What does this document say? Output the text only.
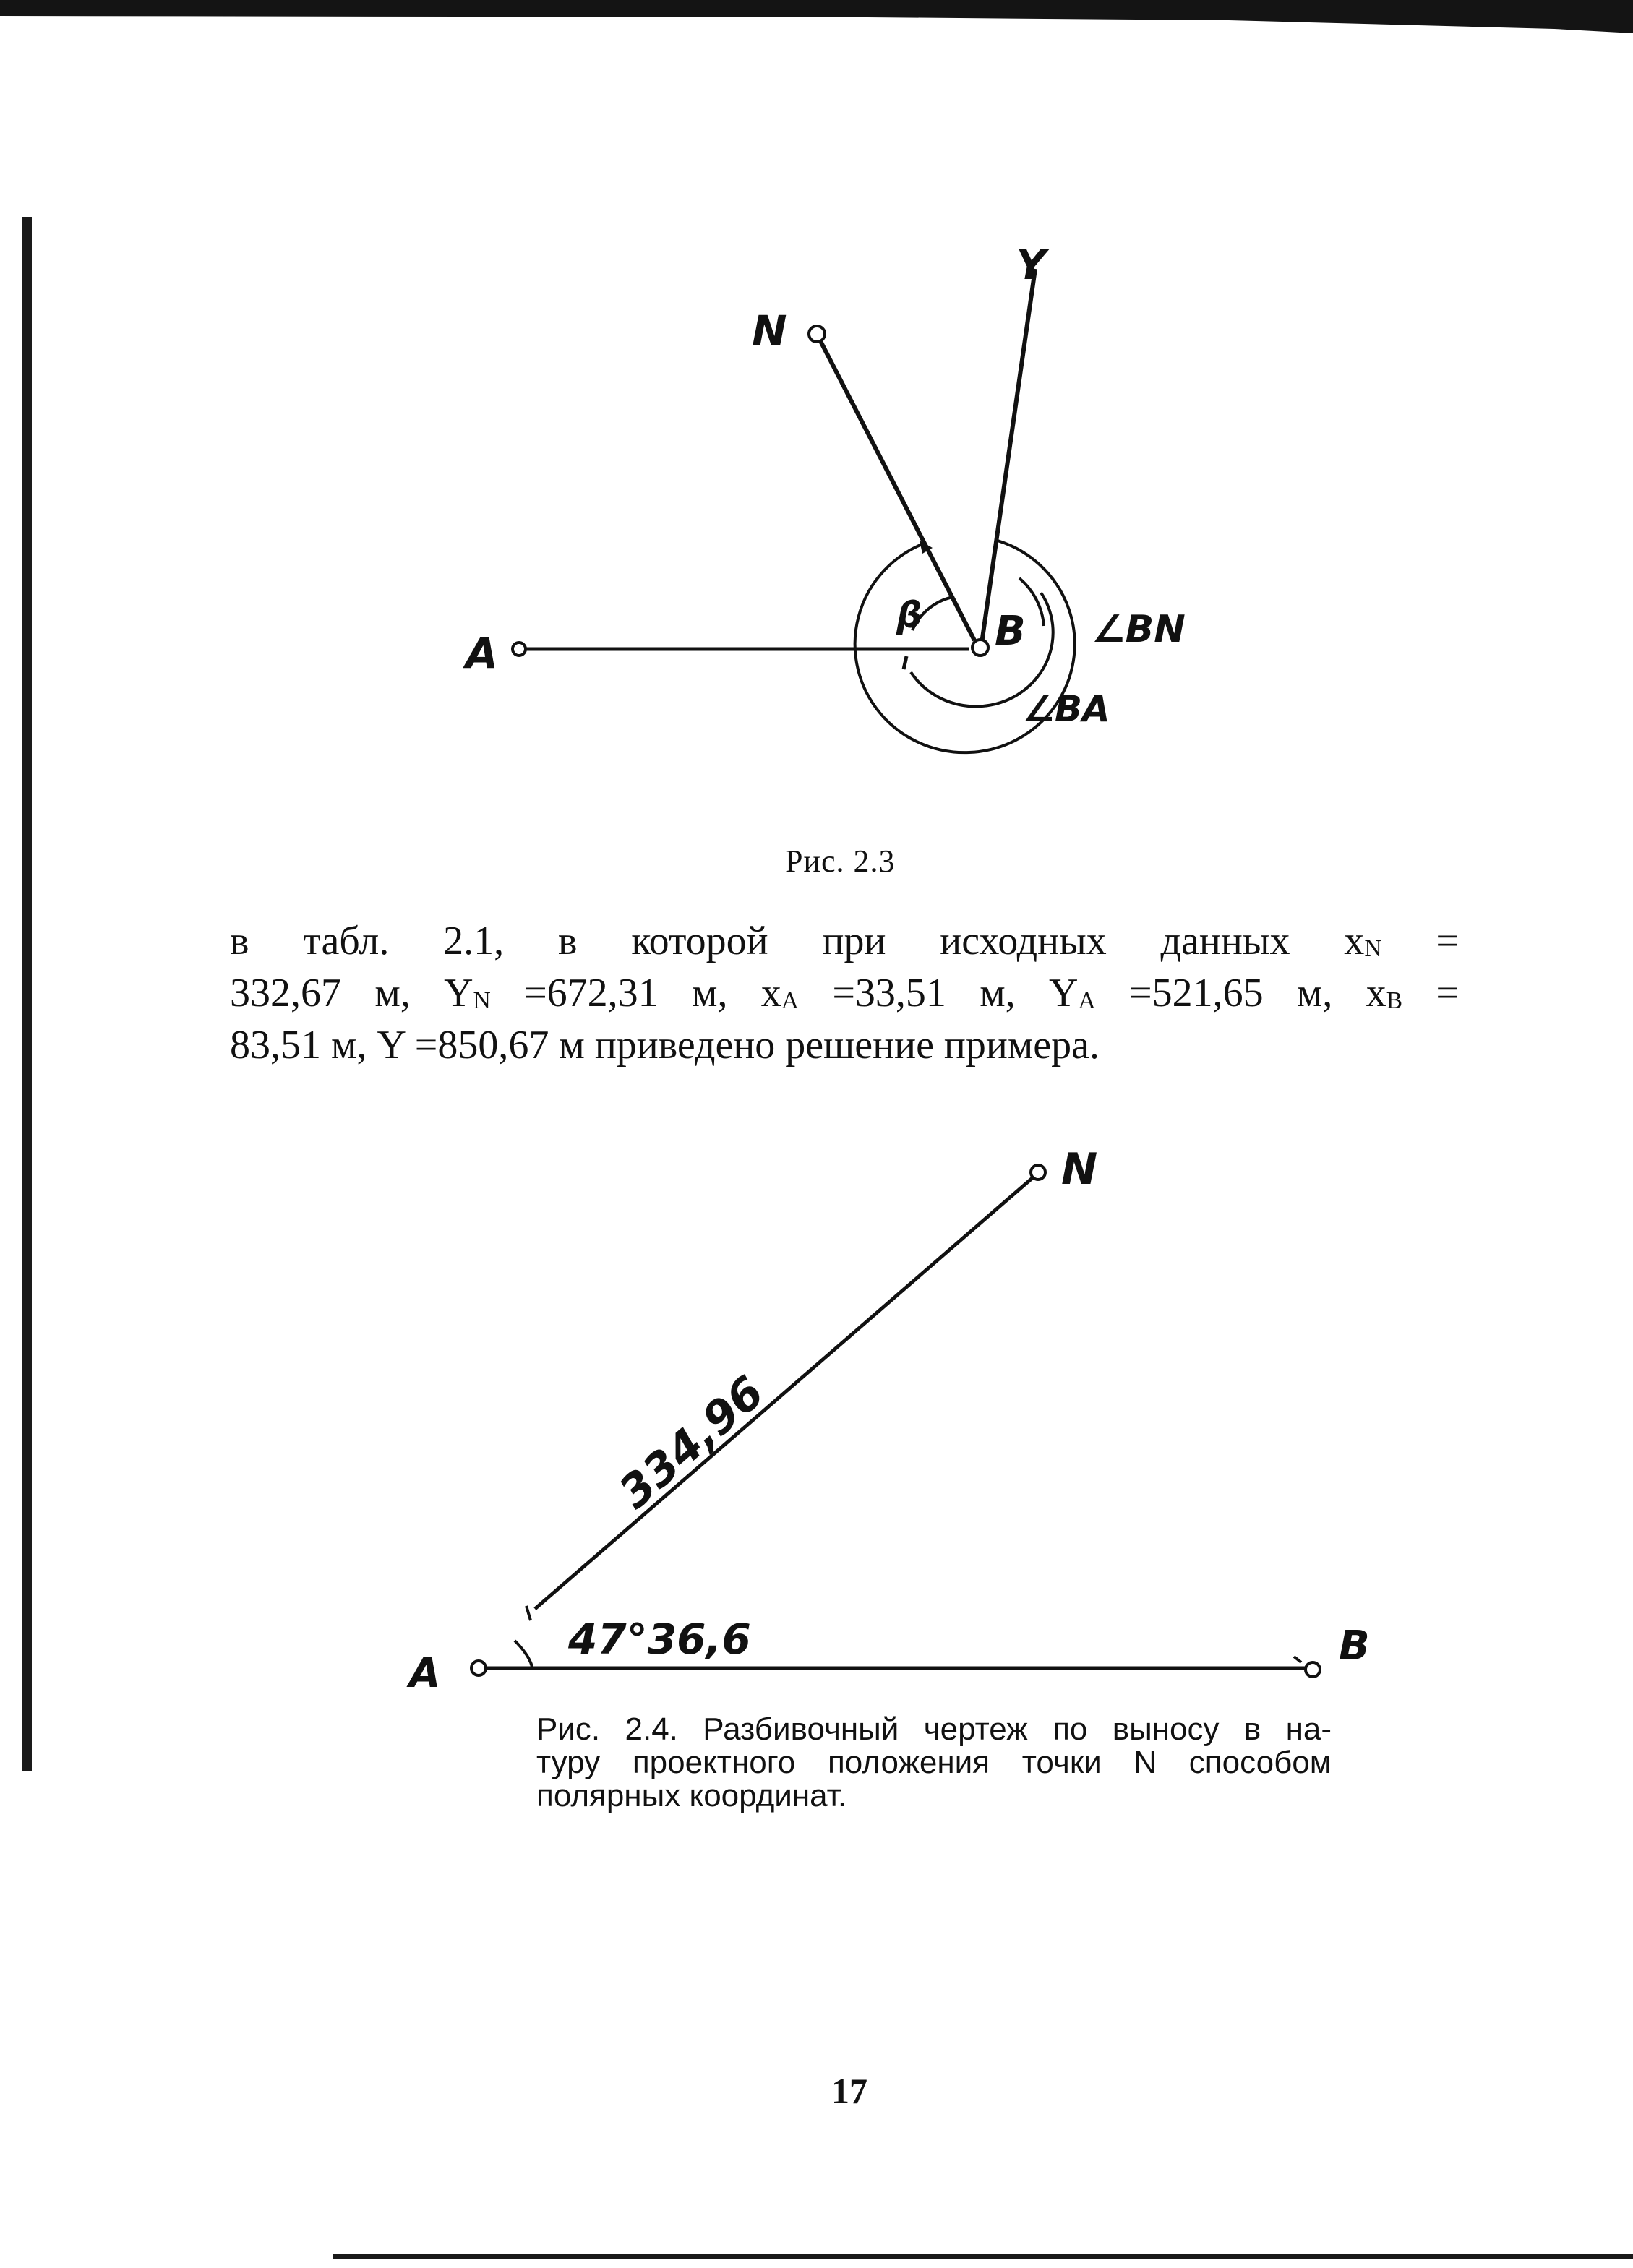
N
Y
A	B
β	∠BN
∠BA
Рис. 2.3
в табл. 2.1, в которой при исходных данных $x_N$ =
332,67 м, $Y_N =672,31$ м, $x_A =33,51$ м, $Y_A =521,65$ м, $x_B$ =
83,51 м, Y =850,67 м приведено решение примера.
N
A
B
334,96
47°36,6
Рис. 2.4. Разбивочный чертеж по выносу в на-
туру проектного положения точки N способом
полярных координат.
17
